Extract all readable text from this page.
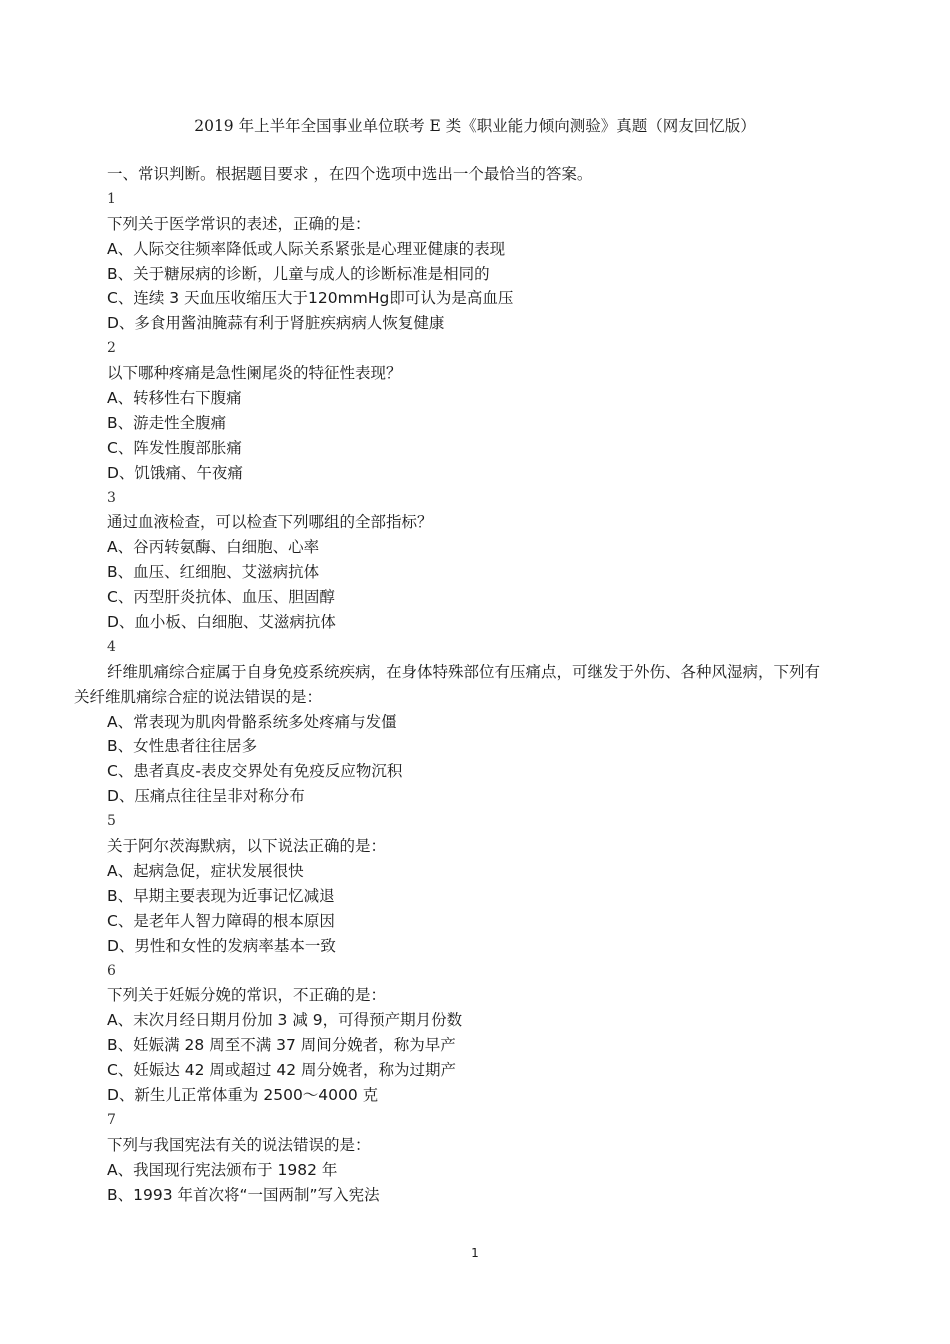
2019 年上半年全国事业单位联考 E 类《职业能力倾向测验》真题（网友回忆版）
一、常识判断。根据题目要求 ，在四个选项中选出一个最恰当的答案。
1
下列关于医学常识的表述，正确的是：
A、人际交往频率降低或人际关系紧张是心理亚健康的表现
B、关于糖尿病的诊断，儿童与成人的诊断标准是相同的
C、连续 3 天血压收缩压大于120mmHg即可认为是高血压
D、多食用酱油腌蒜有利于肾脏疾病病人恢复健康
2
以下哪种疼痛是急性阑尾炎的特征性表现？
A、转移性右下腹痛
B、游走性全腹痛
C、阵发性腹部胀痛
D、饥饿痛、午夜痛
3
通过血液检查，可以检查下列哪组的全部指标？
A、谷丙转氨酶、白细胞、心率
B、血压、红细胞、艾滋病抗体
C、丙型肝炎抗体、血压、胆固醇
D、血小板、白细胞、艾滋病抗体
4
纤维肌痛综合症属于自身免疫系统疾病，在身体特殊部位有压痛点，可继发于外伤、各种风湿病，下列有
关纤维肌痛综合症的说法错误的是：
A、常表现为肌肉骨骼系统多处疼痛与发僵
B、女性患者往往居多
C、患者真皮-表皮交界处有免疫反应物沉积
D、压痛点往往呈非对称分布
5
关于阿尔茨海默病，以下说法正确的是：
A、起病急促，症状发展很快
B、早期主要表现为近事记忆减退
C、是老年人智力障碍的根本原因
D、男性和女性的发病率基本一致
6
下列关于妊娠分娩的常识，不正确的是：
A、末次月经日期月份加 3 减 9，可得预产期月份数
B、妊娠满 28 周至不满 37 周间分娩者，称为早产
C、妊娠达 42 周或超过 42 周分娩者，称为过期产
D、新生儿正常体重为 2500～4000 克
7
下列与我国宪法有关的说法错误的是：
A、我国现行宪法颁布于 1982 年
B、1993 年首次将“一国两制”写入宪法
1
